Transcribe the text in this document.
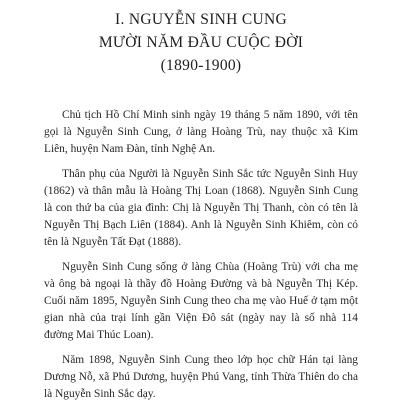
I. NGUYỄN SINH CUNG
MƯỜI NĂM ĐẦU CUỘC ĐỜI
(1890-1900)

Chủ tịch Hồ Chí Minh sinh ngày 19 tháng 5 năm 1890, với tên gọi là Nguyễn Sinh Cung, ở làng Hoàng Trù, nay thuộc xã Kim Liên, huyện Nam Đàn, tỉnh Nghệ An.

Thân phụ của Người là Nguyễn Sinh Sắc tức Nguyễn Sinh Huy (1862) và thân mẫu là Hoàng Thị Loan (1868). Nguyễn Sinh Cung là con thứ ba của gia đình: Chị là Nguyễn Thị Thanh, còn có tên là Nguyễn Thị Bạch Liên (1884). Anh là Nguyễn Sinh Khiêm, còn có tên là Nguyễn Tất Đạt (1888).

Nguyễn Sinh Cung sống ở làng Chùa (Hoàng Trù) với cha mẹ và ông bà ngoại là thầy đồ Hoàng Đường và bà Nguyễn Thị Kép. Cuối năm 1895, Nguyễn Sinh Cung theo cha mẹ vào Huế ở tạm một gian nhà của trại lính gần Viện Đô sát (ngày nay là số nhà 114 đường Mai Thúc Loan).

Năm 1898, Nguyễn Sinh Cung theo lớp học chữ Hán tại làng Dương Nỗ, xã Phú Dương, huyện Phú Vang, tỉnh Thừa Thiên do cha là Nguyễn Sinh Sắc dạy.
